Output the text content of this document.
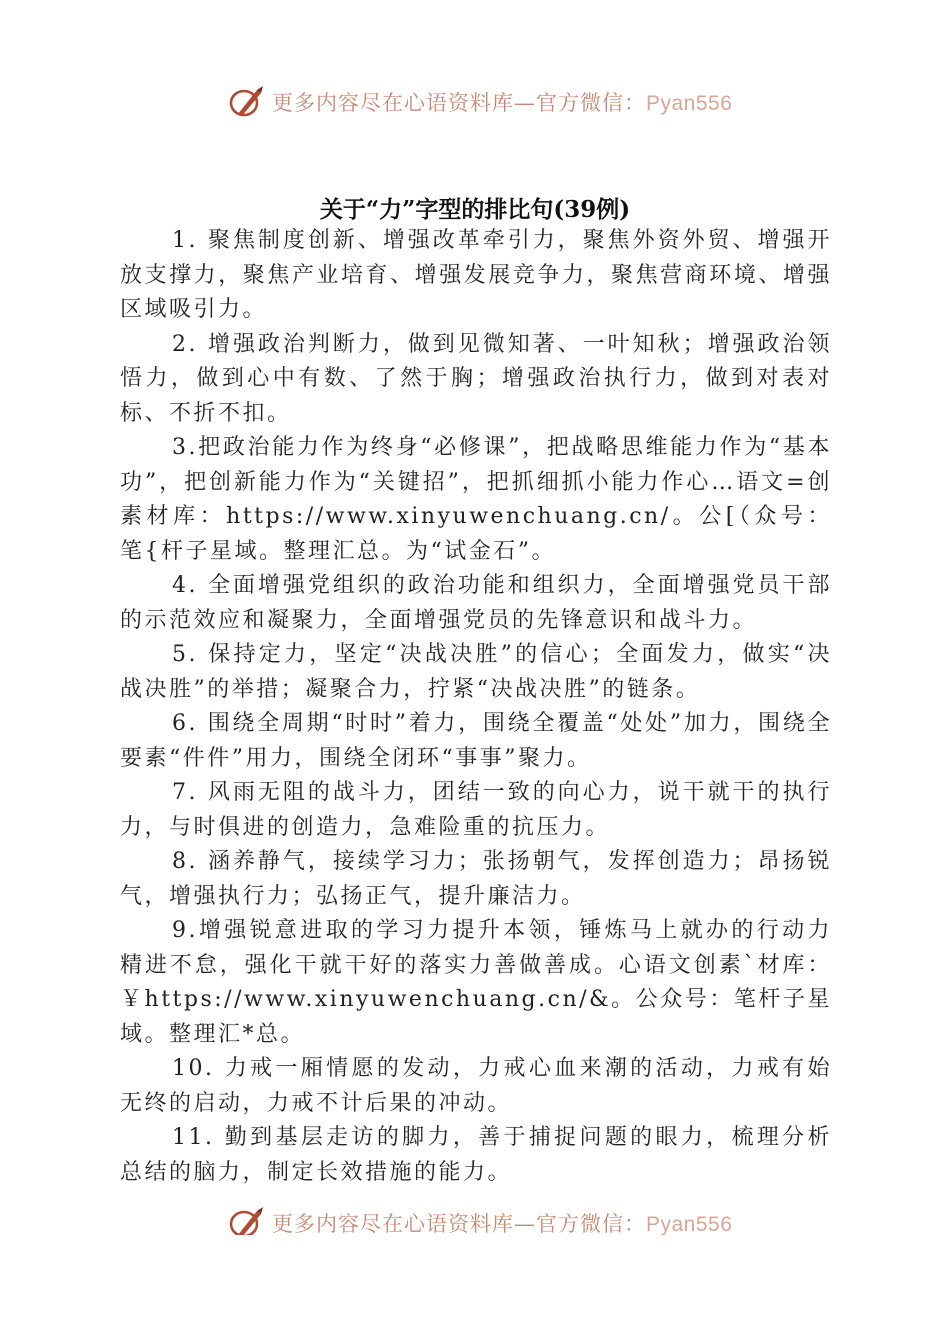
更多内容尽在心语资料库—官方微信：Pyan556
关于“力”字型的排比句(39例)

1. 聚焦制度创新、增强改革牵引力，聚焦外资外贸、增强开放支撑力，聚焦产业培育、增强发展竞争力，聚焦营商环境、增强区域吸引力。

2. 增强政治判断力，做到见微知著、一叶知秋；增强政治领悟力，做到心中有数、了然于胸；增强政治执行力，做到对表对标、不折不扣。

3.把政治能力作为终身“必修课”，把战略思维能力作为“基本功”，把创新能力作为“关键招”，把抓细抓小能力作心…语文=创素材库：https://www.xinyuwenchuang.cn/。公[（众号：笔{杆子星域。整理汇总。为“试金石”。

4. 全面增强党组织的政治功能和组织力，全面增强党员干部的示范效应和凝聚力，全面增强党员的先锋意识和战斗力。

5. 保持定力，坚定“决战决胜”的信心；全面发力，做实“决战决胜”的举措；凝聚合力，拧紧“决战决胜”的链条。

6. 围绕全周期“时时”着力，围绕全覆盖“处处”加力，围绕全要素“件件”用力，围绕全闭环“事事”聚力。

7. 风雨无阻的战斗力，团结一致的向心力，说干就干的执行力，与时俱进的创造力，急难险重的抗压力。

8. 涵养静气，接续学习力；张扬朝气，发挥创造力；昂扬锐气，增强执行力；弘扬正气，提升廉洁力。

9.增强锐意进取的学习力提升本领，锤炼马上就办的行动力精进不怠，强化干就干好的落实力善做善成。心语文创素`材库：￥https://www.xinyuwenchuang.cn/&。公众号：笔杆子星域。整理汇*总。

10. 力戒一厢情愿的发动，力戒心血来潮的活动，力戒有始无终的启动，力戒不计后果的冲动。

11. 勤到基层走访的脚力，善于捕捉问题的眼力，梳理分析总结的脑力，制定长效措施的能力。

更多内容尽在心语资料库—官方微信：Pyan556
